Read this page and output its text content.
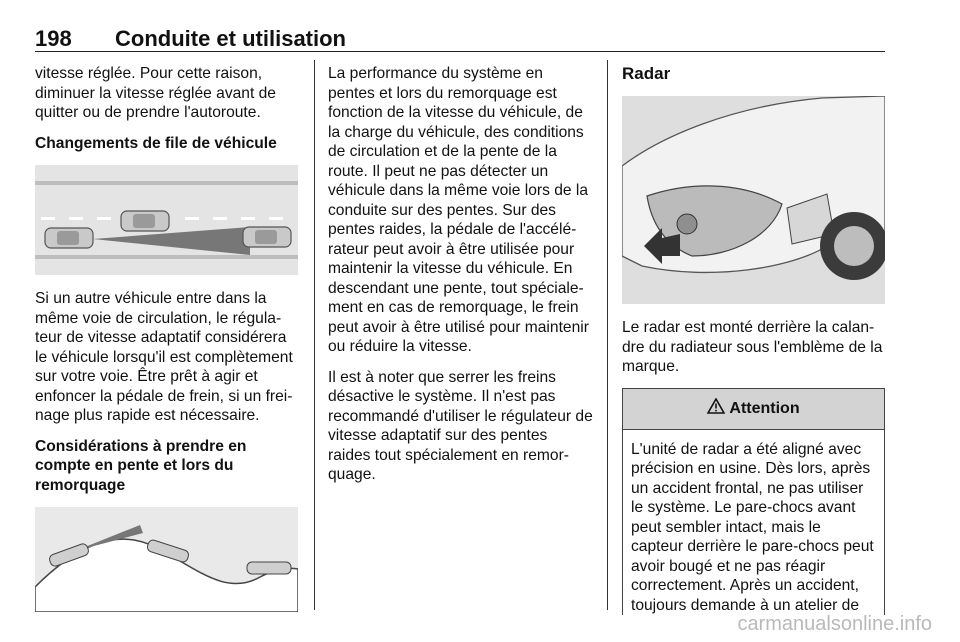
198 Conduite et utilisation

vitesse réglée. Pour cette raison, diminuer la vitesse réglée avant de quitter ou de prendre l'autoroute.

Changements de file de véhicule

Si un autre véhicule entre dans la même voie de circulation, le régula-teur de vitesse adaptatif considérera le véhicule lorsqu'il est complètement sur votre voie. Être prêt à agir et enfoncer la pédale de frein, si un frei-nage plus rapide est nécessaire.

Considérations à prendre en compte en pente et lors du remorquage

La performance du système en pentes et lors du remorquage est fonction de la vitesse du véhicule, de la charge du véhicule, des conditions de circulation et de la pente de la route. Il peut ne pas détecter un véhicule dans la même voie lors de la conduite sur des pentes. Sur des pentes raides, la pédale de l'accélé-rateur peut avoir à être utilisée pour maintenir la vitesse du véhicule. En descendant une pente, tout spéciale-ment en cas de remorquage, le frein peut avoir à être utilisé pour maintenir ou réduire la vitesse.

Il est à noter que serrer les freins désactive le système. Il n'est pas recommandé d'utiliser le régulateur de vitesse adaptatif sur des pentes raides tout spécialement en remor-quage.

Radar

Le radar est monté derrière la calan-dre du radiateur sous l'emblème de la marque.

Attention
L'unité de radar a été aligné avec précision en usine. Dès lors, après un accident frontal, ne pas utiliser le système. Le pare-chocs avant peut sembler intact, mais le capteur derrière le pare-chocs peut avoir bougé et ne pas réagir correctement. Après un accident, toujours demande à un atelier de
carmanualsonline.info
